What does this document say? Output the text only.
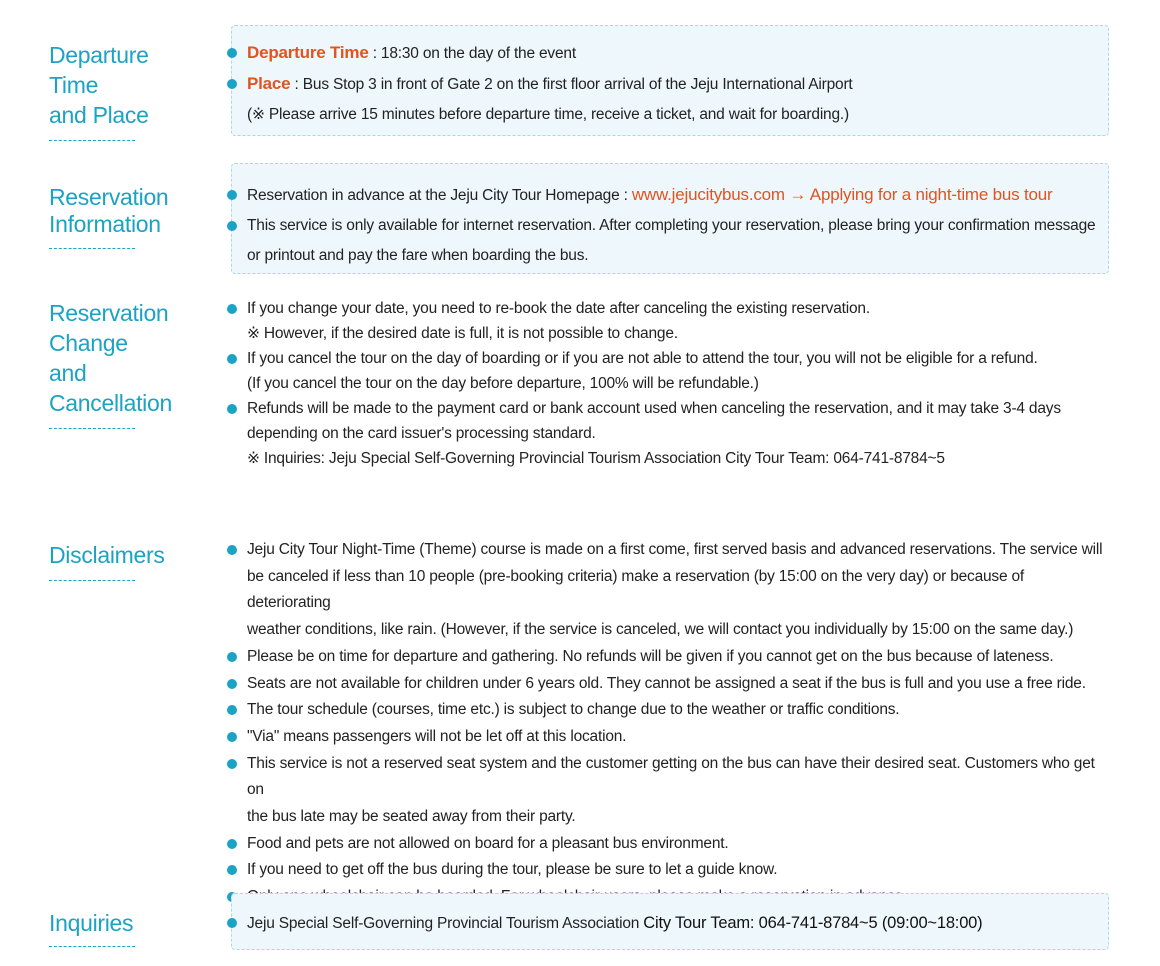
Departure
Time
and Place
Departure Time : 18:30 on the day of the event
Place : Bus Stop 3 in front of Gate 2 on the first floor arrival of the Jeju International Airport
(※ Please arrive 15 minutes before departure time, receive a ticket, and wait for boarding.)
Reservation
Information
Reservation in advance at the Jeju City Tour Homepage : www.jejucitybus.com → Applying for a night-time bus tour
This service is only available for internet reservation. After completing your reservation, please bring your confirmation message
or printout and pay the fare when boarding the bus.
Reservation
Change
and
Cancellation
If you change your date, you need to re-book the date after canceling the existing reservation.
※ However, if the desired date is full, it is not possible to change.
If you cancel the tour on the day of boarding or if you are not able to attend the tour, you will not be eligible for a refund.
(If you cancel the tour on the day before departure, 100% will be refundable.)
Refunds will be made to the payment card or bank account used when canceling the reservation, and it may take 3-4 days
depending on the card issuer's processing standard.
※ Inquiries: Jeju Special Self-Governing Provincial Tourism Association City Tour Team: 064-741-8784~5
Disclaimers	Jeju City Tour Night-Time (Theme) course is made on a first come, first served basis and advanced reservations. The service will
be canceled if less than 10 people (pre-booking criteria) make a reservation (by 15:00 on the very day) or because of deteriorating
weather conditions, like rain. (However, if the service is canceled, we will contact you individually by 15:00 on the same day.)
Please be on time for departure and gathering. No refunds will be given if you cannot get on the bus because of lateness.
Seats are not available for children under 6 years old. They cannot be assigned a seat if the bus is full and you use a free ride.
The tour schedule (courses, time etc.) is subject to change due to the weather or traffic conditions.
"Via" means passengers will not be let off at this location.
This service is not a reserved seat system and the customer getting on the bus can have their desired seat. Customers who get on
the bus late may be seated away from their party.
Food and pets are not allowed on board for a pleasant bus environment.
If you need to get off the bus during the tour, please be sure to let a guide know.
Inquiries	Jeju Special Self-Governing Provincial Tourism Association City Tour Team: 064-741-8784~5 (09:00~18:00)
